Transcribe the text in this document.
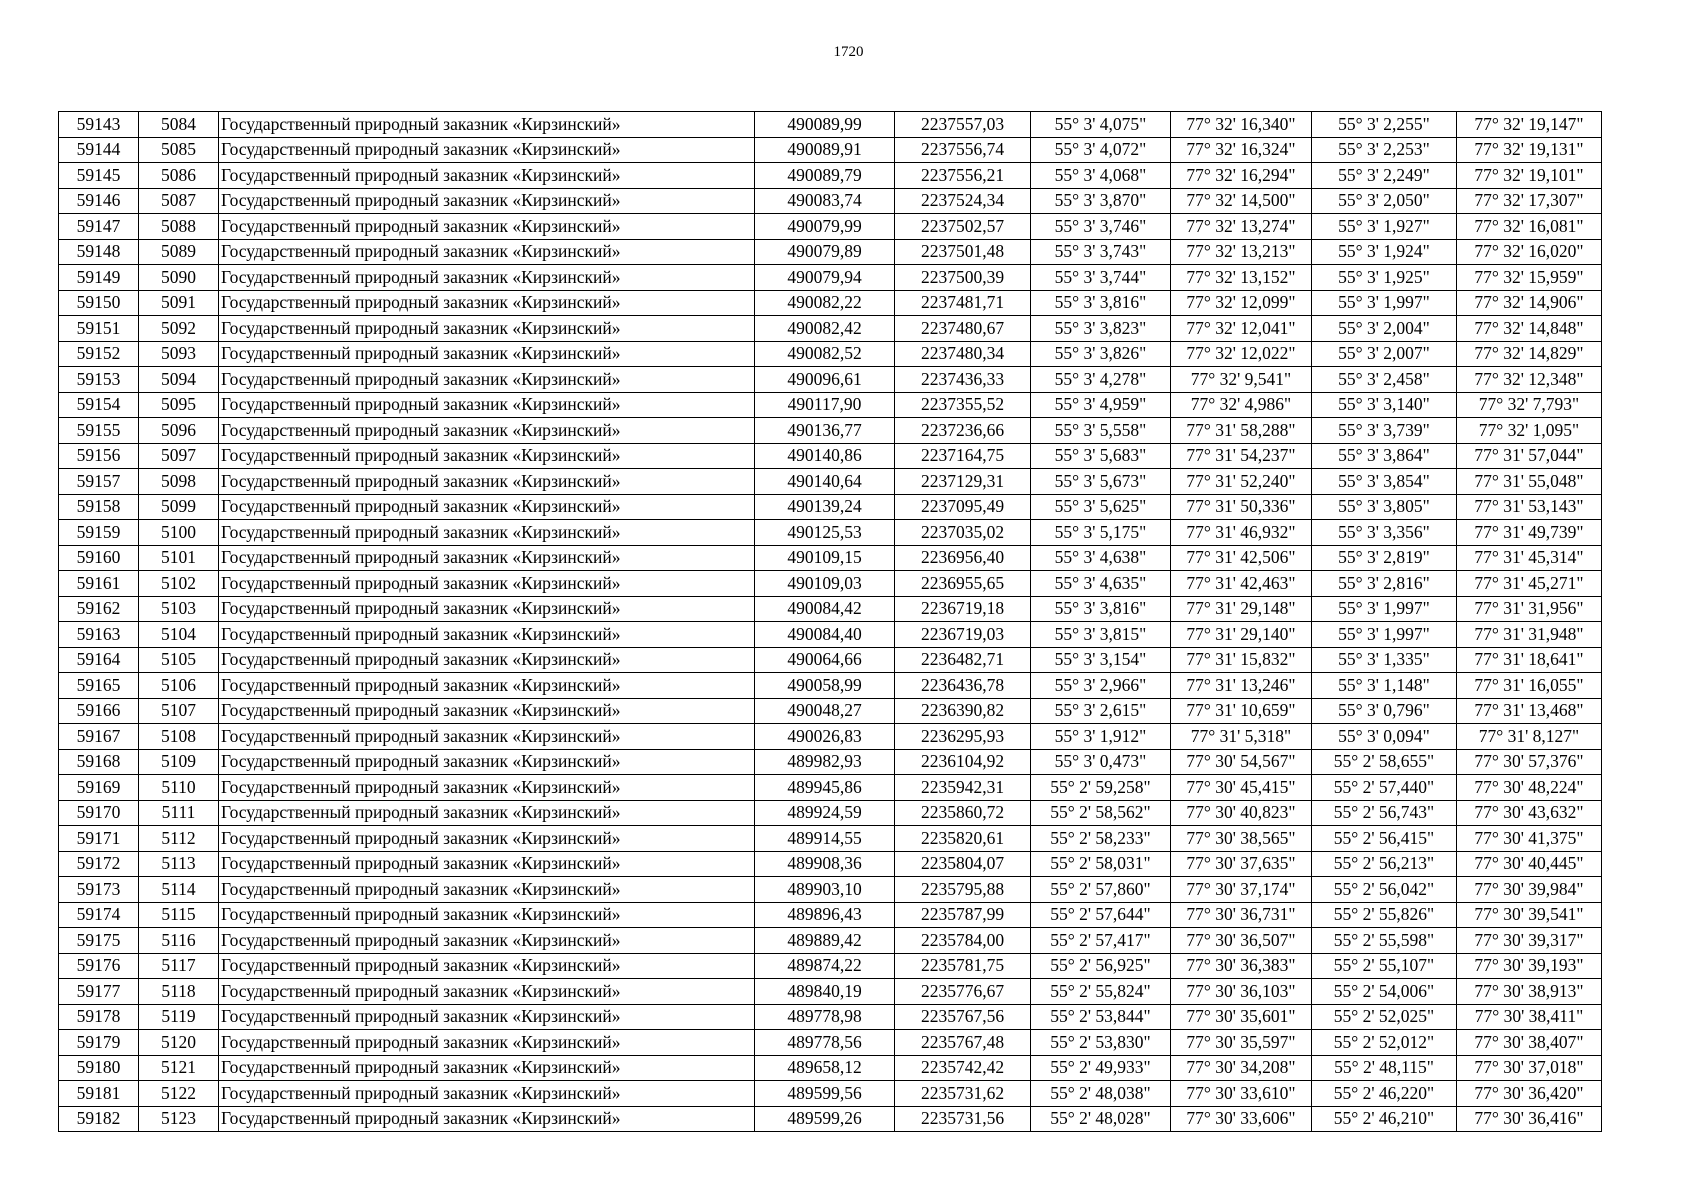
1720
59143	5084	Государственный природный заказник «Кирзинский»	490089,99	2237557,03	55° 3' 4,075"	77° 32' 16,340"	55° 3' 2,255"	77° 32' 19,147"
59144	5085	Государственный природный заказник «Кирзинский»	490089,91	2237556,74	55° 3' 4,072"	77° 32' 16,324"	55° 3' 2,253"	77° 32' 19,131"
59145	5086	Государственный природный заказник «Кирзинский»	490089,79	2237556,21	55° 3' 4,068"	77° 32' 16,294"	55° 3' 2,249"	77° 32' 19,101"
59146	5087	Государственный природный заказник «Кирзинский»	490083,74	2237524,34	55° 3' 3,870"	77° 32' 14,500"	55° 3' 2,050"	77° 32' 17,307"
59147	5088	Государственный природный заказник «Кирзинский»	490079,99	2237502,57	55° 3' 3,746"	77° 32' 13,274"	55° 3' 1,927"	77° 32' 16,081"
59148	5089	Государственный природный заказник «Кирзинский»	490079,89	2237501,48	55° 3' 3,743"	77° 32' 13,213"	55° 3' 1,924"	77° 32' 16,020"
59149	5090	Государственный природный заказник «Кирзинский»	490079,94	2237500,39	55° 3' 3,744"	77° 32' 13,152"	55° 3' 1,925"	77° 32' 15,959"
59150	5091	Государственный природный заказник «Кирзинский»	490082,22	2237481,71	55° 3' 3,816"	77° 32' 12,099"	55° 3' 1,997"	77° 32' 14,906"
59151	5092	Государственный природный заказник «Кирзинский»	490082,42	2237480,67	55° 3' 3,823"	77° 32' 12,041"	55° 3' 2,004"	77° 32' 14,848"
59152	5093	Государственный природный заказник «Кирзинский»	490082,52	2237480,34	55° 3' 3,826"	77° 32' 12,022"	55° 3' 2,007"	77° 32' 14,829"
59153	5094	Государственный природный заказник «Кирзинский»	490096,61	2237436,33	55° 3' 4,278"	77° 32' 9,541"	55° 3' 2,458"	77° 32' 12,348"
59154	5095	Государственный природный заказник «Кирзинский»	490117,90	2237355,52	55° 3' 4,959"	77° 32' 4,986"	55° 3' 3,140"	77° 32' 7,793"
59155	5096	Государственный природный заказник «Кирзинский»	490136,77	2237236,66	55° 3' 5,558"	77° 31' 58,288"	55° 3' 3,739"	77° 32' 1,095"
59156	5097	Государственный природный заказник «Кирзинский»	490140,86	2237164,75	55° 3' 5,683"	77° 31' 54,237"	55° 3' 3,864"	77° 31' 57,044"
59157	5098	Государственный природный заказник «Кирзинский»	490140,64	2237129,31	55° 3' 5,673"	77° 31' 52,240"	55° 3' 3,854"	77° 31' 55,048"
59158	5099	Государственный природный заказник «Кирзинский»	490139,24	2237095,49	55° 3' 5,625"	77° 31' 50,336"	55° 3' 3,805"	77° 31' 53,143"
59159	5100	Государственный природный заказник «Кирзинский»	490125,53	2237035,02	55° 3' 5,175"	77° 31' 46,932"	55° 3' 3,356"	77° 31' 49,739"
59160	5101	Государственный природный заказник «Кирзинский»	490109,15	2236956,40	55° 3' 4,638"	77° 31' 42,506"	55° 3' 2,819"	77° 31' 45,314"
59161	5102	Государственный природный заказник «Кирзинский»	490109,03	2236955,65	55° 3' 4,635"	77° 31' 42,463"	55° 3' 2,816"	77° 31' 45,271"
59162	5103	Государственный природный заказник «Кирзинский»	490084,42	2236719,18	55° 3' 3,816"	77° 31' 29,148"	55° 3' 1,997"	77° 31' 31,956"
59163	5104	Государственный природный заказник «Кирзинский»	490084,40	2236719,03	55° 3' 3,815"	77° 31' 29,140"	55° 3' 1,997"	77° 31' 31,948"
59164	5105	Государственный природный заказник «Кирзинский»	490064,66	2236482,71	55° 3' 3,154"	77° 31' 15,832"	55° 3' 1,335"	77° 31' 18,641"
59165	5106	Государственный природный заказник «Кирзинский»	490058,99	2236436,78	55° 3' 2,966"	77° 31' 13,246"	55° 3' 1,148"	77° 31' 16,055"
59166	5107	Государственный природный заказник «Кирзинский»	490048,27	2236390,82	55° 3' 2,615"	77° 31' 10,659"	55° 3' 0,796"	77° 31' 13,468"
59167	5108	Государственный природный заказник «Кирзинский»	490026,83	2236295,93	55° 3' 1,912"	77° 31' 5,318"	55° 3' 0,094"	77° 31' 8,127"
59168	5109	Государственный природный заказник «Кирзинский»	489982,93	2236104,92	55° 3' 0,473"	77° 30' 54,567"	55° 2' 58,655"	77° 30' 57,376"
59169	5110	Государственный природный заказник «Кирзинский»	489945,86	2235942,31	55° 2' 59,258"	77° 30' 45,415"	55° 2' 57,440"	77° 30' 48,224"
59170	5111	Государственный природный заказник «Кирзинский»	489924,59	2235860,72	55° 2' 58,562"	77° 30' 40,823"	55° 2' 56,743"	77° 30' 43,632"
59171	5112	Государственный природный заказник «Кирзинский»	489914,55	2235820,61	55° 2' 58,233"	77° 30' 38,565"	55° 2' 56,415"	77° 30' 41,375"
59172	5113	Государственный природный заказник «Кирзинский»	489908,36	2235804,07	55° 2' 58,031"	77° 30' 37,635"	55° 2' 56,213"	77° 30' 40,445"
59173	5114	Государственный природный заказник «Кирзинский»	489903,10	2235795,88	55° 2' 57,860"	77° 30' 37,174"	55° 2' 56,042"	77° 30' 39,984"
59174	5115	Государственный природный заказник «Кирзинский»	489896,43	2235787,99	55° 2' 57,644"	77° 30' 36,731"	55° 2' 55,826"	77° 30' 39,541"
59175	5116	Государственный природный заказник «Кирзинский»	489889,42	2235784,00	55° 2' 57,417"	77° 30' 36,507"	55° 2' 55,598"	77° 30' 39,317"
59176	5117	Государственный природный заказник «Кирзинский»	489874,22	2235781,75	55° 2' 56,925"	77° 30' 36,383"	55° 2' 55,107"	77° 30' 39,193"
59177	5118	Государственный природный заказник «Кирзинский»	489840,19	2235776,67	55° 2' 55,824"	77° 30' 36,103"	55° 2' 54,006"	77° 30' 38,913"
59178	5119	Государственный природный заказник «Кирзинский»	489778,98	2235767,56	55° 2' 53,844"	77° 30' 35,601"	55° 2' 52,025"	77° 30' 38,411"
59179	5120	Государственный природный заказник «Кирзинский»	489778,56	2235767,48	55° 2' 53,830"	77° 30' 35,597"	55° 2' 52,012"	77° 30' 38,407"
59180	5121	Государственный природный заказник «Кирзинский»	489658,12	2235742,42	55° 2' 49,933"	77° 30' 34,208"	55° 2' 48,115"	77° 30' 37,018"
59181	5122	Государственный природный заказник «Кирзинский»	489599,56	2235731,62	55° 2' 48,038"	77° 30' 33,610"	55° 2' 46,220"	77° 30' 36,420"
59182	5123	Государственный природный заказник «Кирзинский»	489599,26	2235731,56	55° 2' 48,028"	77° 30' 33,606"	55° 2' 46,210"	77° 30' 36,416"
